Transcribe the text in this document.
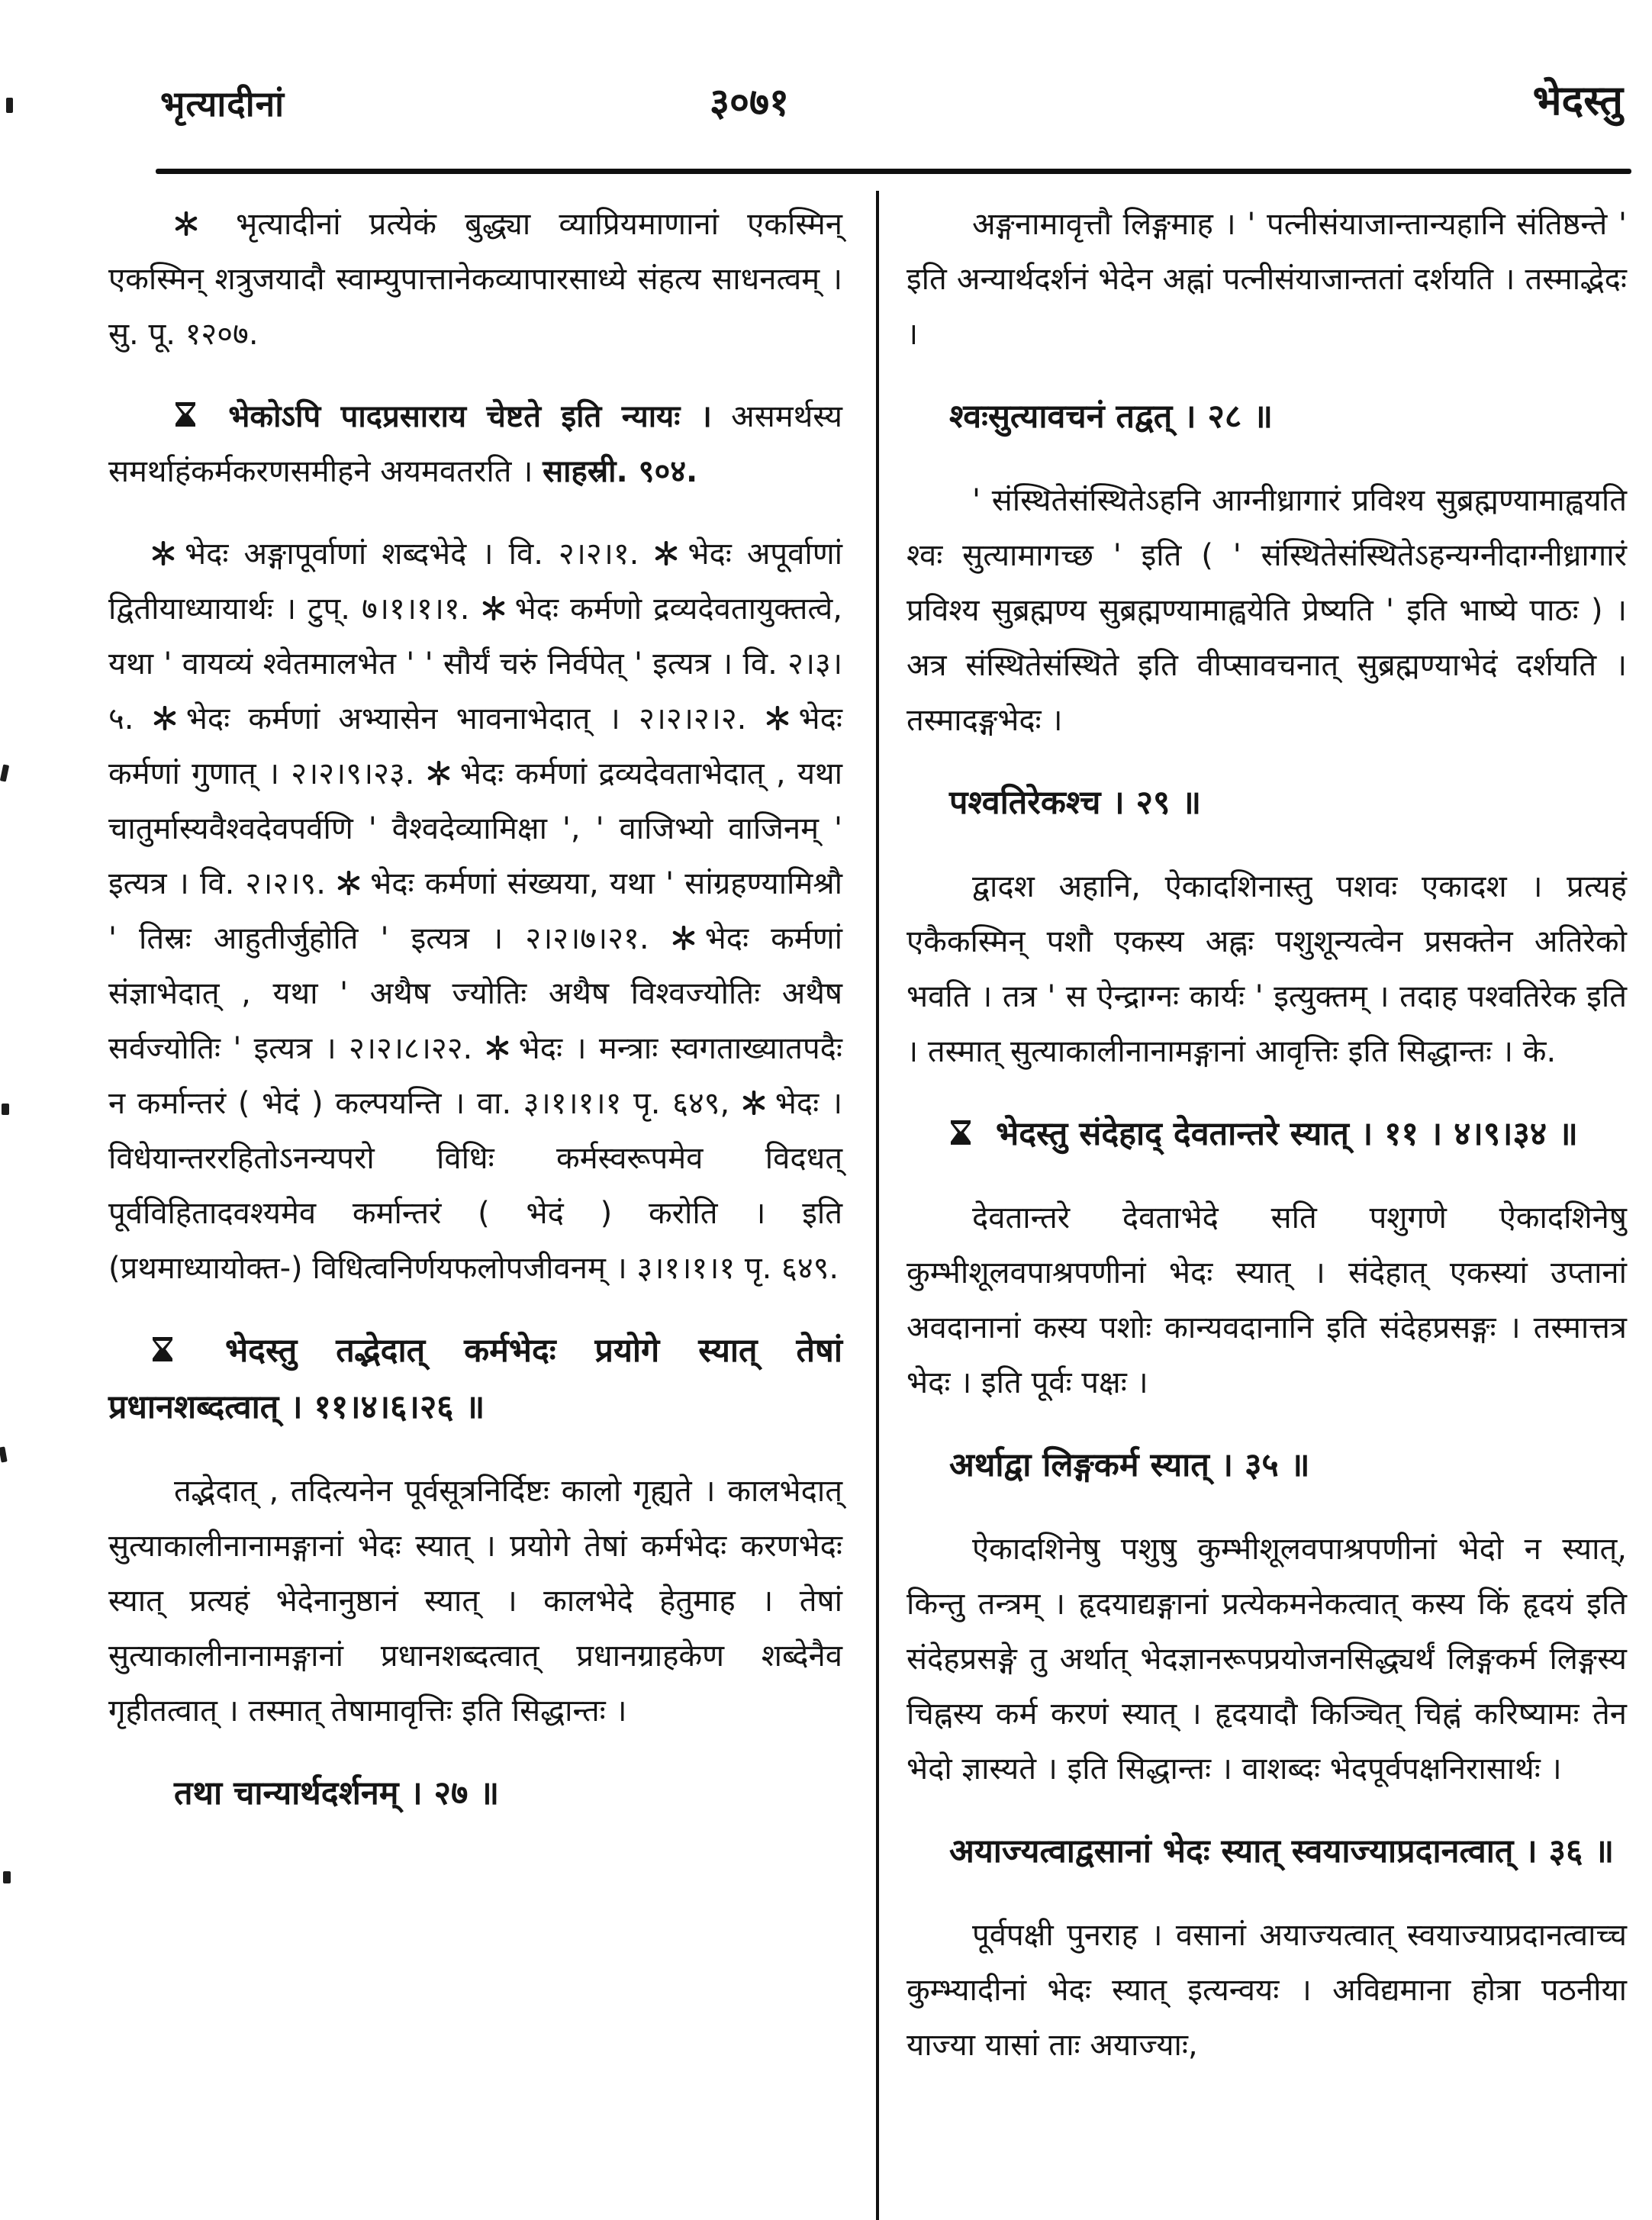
भृत्यादीनां	३०७१	भेदस्तु

भृत्यादीनां प्रत्येकं बुद्ध्या व्याप्रियमाणानां एकस्मिन् एकस्मिन् शत्रुजयादौ स्वाम्युपात्तानेकव्यापारसाध्ये संहत्य साधनत्वम् । सु. पू. १२०७.

भेकोऽपि पादप्रसाराय चेष्टते इति न्यायः । असमर्थस्य समर्थाहंकर्मकरणसमीहने अयमवतरति । साहस्री. ९०४.

भेदः अङ्गापूर्वाणां शब्दभेदे । वि. २।२।१. भेदः अपूर्वाणां द्वितीयाध्यायार्थः । टुप्. ७।१।१।१. भेदः कर्मणो द्रव्यदेवतायुक्तत्वे, यथा ' वायव्यं श्वेतमालभेत ' ' सौर्यं चरुं निर्वपेत् ' इत्यत्र । वि. २।३।५. भेदः कर्मणां अभ्यासेन भावनाभेदात् । २।२।२।२. भेदः कर्मणां गुणात् । २।२।९।२३. भेदः कर्मणां द्रव्यदेवताभेदात् , यथा चातुर्मास्यवैश्वदेवपर्वणि ' वैश्वदेव्यामिक्षा ', ' वाजिभ्यो वाजिनम् ' इत्यत्र । वि. २।२।९. भेदः कर्मणां संख्यया, यथा ' सांग्रहण्यामिश्रौ ' तिस्रः आहुतीर्जुहोति ' इत्यत्र । २।२।७।२१. भेदः कर्मणां संज्ञाभेदात् , यथा ' अथैष ज्योतिः अथैष विश्वज्योतिः अथैष सर्वज्योतिः ' इत्यत्र । २।२।८।२२. भेदः । मन्त्राः स्वगताख्यातपदैः न कर्मान्तरं ( भेदं ) कल्पयन्ति । वा. ३।१।१।१ पृ. ६४९, भेदः । विधेयान्तररहितोऽनन्यपरो विधिः कर्मस्वरूपमेव विदधत् पूर्वविहितादवश्यमेव कर्मान्तरं ( भेदं ) करोति । इति (प्रथमाध्यायोक्त-) विधित्वनिर्णयफलोपजीवनम् । ३।१।१।१ पृ. ६४९.

भेदस्तु तद्भेदात् कर्मभेदः प्रयोगे स्यात् तेषां प्रधानशब्दत्वात् । ११।४।६।२६ ॥

तद्भेदात् , तदित्यनेन पूर्वसूत्रनिर्दिष्टः कालो गृह्यते । कालभेदात् सुत्याकालीनानामङ्गानां भेदः स्यात् । प्रयोगे तेषां कर्मभेदः करणभेदः स्यात् प्रत्यहं भेदेनानुष्ठानं स्यात् । कालभेदे हेतुमाह । तेषां सुत्याकालीनानामङ्गानां प्रधानशब्दत्वात् प्रधानग्राहकेण शब्देनैव गृहीतत्वात् । तस्मात् तेषामावृत्तिः इति सिद्धान्तः ।

तथा चान्यार्थदर्शनम् । २७ ॥

अङ्गनामावृत्तौ लिङ्गमाह । ' पत्नीसंयाजान्तान्यहानि संतिष्ठन्ते ' इति अन्यार्थदर्शनं भेदेन अह्नां पत्नीसंयाजान्ततां दर्शयति । तस्माद्भेदः ।

श्वःसुत्यावचनं तद्वत् । २८ ॥

' संस्थितेसंस्थितेऽहनि आग्नीध्रागारं प्रविश्य सुब्रह्मण्यामाह्वयति श्वः सुत्यामागच्छ ' इति ( ' संस्थितेसंस्थितेऽहन्यग्नीदाग्नीध्रागारं प्रविश्य सुब्रह्मण्य सुब्रह्मण्यामाह्वयेति प्रेष्यति ' इति भाष्ये पाठः ) । अत्र संस्थितेसंस्थिते इति वीप्सावचनात् सुब्रह्मण्याभेदं दर्शयति । तस्मादङ्गभेदः ।

पश्वतिरेकश्च । २९ ॥

द्वादश अहानि, ऐकादशिनास्तु पशवः एकादश । प्रत्यहं एकैकस्मिन् पशौ एकस्य अह्नः पशुशून्यत्वेन प्रसक्तेन अतिरेको भवति । तत्र ' स ऐन्द्राग्नः कार्यः ' इत्युक्तम् । तदाह पश्वतिरेक इति । तस्मात् सुत्याकालीनानामङ्गानां आवृत्तिः इति सिद्धान्तः । के.

भेदस्तु संदेहाद् देवतान्तरे स्यात् । ११ । ४।९।३४ ॥

देवतान्तरे देवताभेदे सति पशुगणे ऐकादशिनेषु कुम्भीशूलवपाश्रपणीनां भेदः स्यात् । संदेहात् एकस्यां उप्तानां अवदानानां कस्य पशोः कान्यवदानानि इति संदेहप्रसङ्गः । तस्मात्तत्र भेदः । इति पूर्वः पक्षः ।

अर्थाद्वा लिङ्गकर्म स्यात् । ३५ ॥

ऐकादशिनेषु पशुषु कुम्भीशूलवपाश्रपणीनां भेदो न स्यात्, किन्तु तन्त्रम् । हृदयाद्यङ्गानां प्रत्येकमनेकत्वात् कस्य किं हृदयं इति संदेहप्रसङ्गे तु अर्थात् भेदज्ञानरूपप्रयोजनसिद्ध्यर्थं लिङ्गकर्म लिङ्गस्य चिह्नस्य कर्म करणं स्यात् । हृदयादौ किञ्चित् चिह्नं करिष्यामः तेन भेदो ज्ञास्यते । इति सिद्धान्तः । वाशब्दः भेदपूर्वपक्षनिरासार्थः ।

अयाज्यत्वाद्वसानां भेदः स्यात् स्वयाज्याप्रदानत्वात् । ३६ ॥

पूर्वपक्षी पुनराह । वसानां अयाज्यत्वात् स्वयाज्याप्रदानत्वाच्च कुम्भ्यादीनां भेदः स्यात् इत्यन्वयः । अविद्यमाना होत्रा पठनीया याज्या यासां ताः अयाज्याः,
